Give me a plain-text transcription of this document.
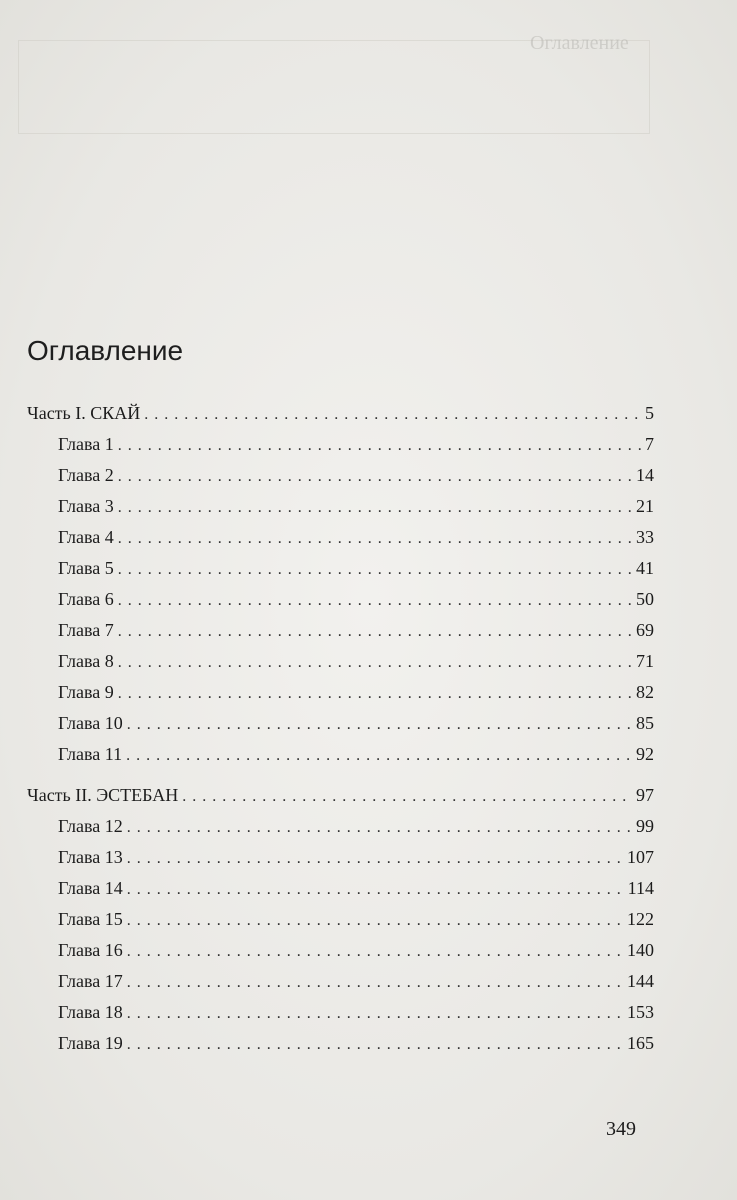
Оглавление
Оглавление
Часть I. СКАЙ . . .	5
Глава 1 . . .	7
Глава 2 . . .	14
Глава 3 . . .	21
Глава 4 . . .	33
Глава 5 . . .	41
Глава 6 . . .	50
Глава 7 . . .	69
Глава 8 . . .	71
Глава 9 . . .	82
Глава 10 . . .	85
Глава 11 . . .	92
Часть II. ЭСТЕБАН . . .	97
Глава 12 . . .	99
Глава 13 . . .	107
Глава 14 . . .	114
Глава 15 . . .	122
Глава 16 . . .	140
Глава 17 . . .	144
Глава 18 . . .	153
Глава 19 . . .	165
349
